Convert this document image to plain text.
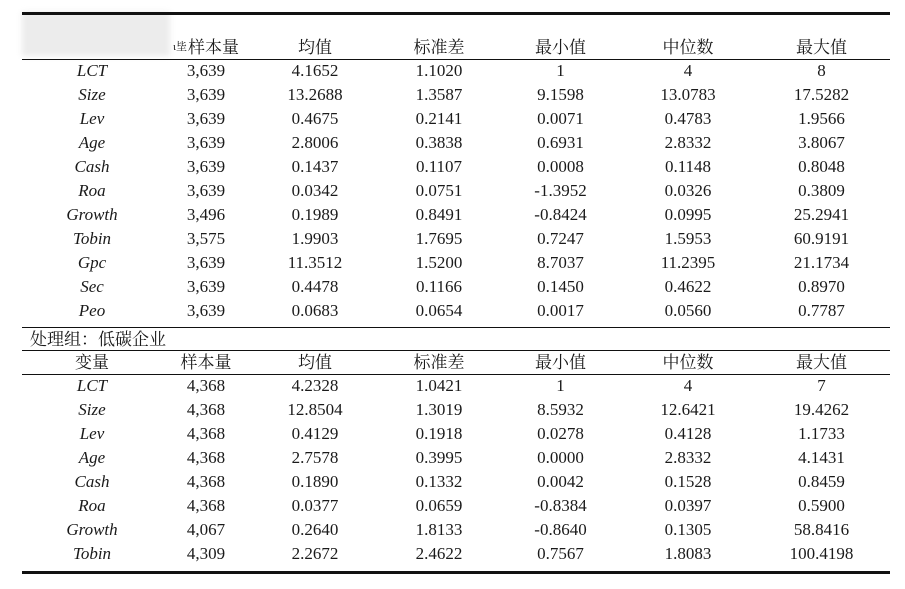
	$^{ɩ坒}$样本量	均值	标准差	最小值	中位数	最大值
LCT	3,639	4.1652	1.1020	1	4	8
Size	3,639	13.2688	1.3587	9.1598	13.0783	17.5282
Lev	3,639	0.4675	0.2141	0.0071	0.4783	1.9566
Age	3,639	2.8006	0.3838	0.6931	2.8332	3.8067
Cash	3,639	0.1437	0.1107	0.0008	0.1148	0.8048
Roa	3,639	0.0342	0.0751	-1.3952	0.0326	0.3809
Growth	3,496	0.1989	0.8491	-0.8424	0.0995	25.2941
Tobin	3,575	1.9903	1.7695	0.7247	1.5953	60.9191
Gpc	3,639	11.3512	1.5200	8.7037	11.2395	21.1734
Sec	3,639	0.4478	0.1166	0.1450	0.4622	0.8970
Peo	3,639	0.0683	0.0654	0.0017	0.0560	0.7787
处理组：低碳企业
变量	样本量	均值	标准差	最小值	中位数	最大值
LCT	4,368	4.2328	1.0421	1	4	7
Size	4,368	12.8504	1.3019	8.5932	12.6421	19.4262
Lev	4,368	0.4129	0.1918	0.0278	0.4128	1.1733
Age	4,368	2.7578	0.3995	0.0000	2.8332	4.1431
Cash	4,368	0.1890	0.1332	0.0042	0.1528	0.8459
Roa	4,368	0.0377	0.0659	-0.8384	0.0397	0.5900
Growth	4,067	0.2640	1.8133	-0.8640	0.1305	58.8416
Tobin	4,309	2.2672	2.4622	0.7567	1.8083	100.4198
